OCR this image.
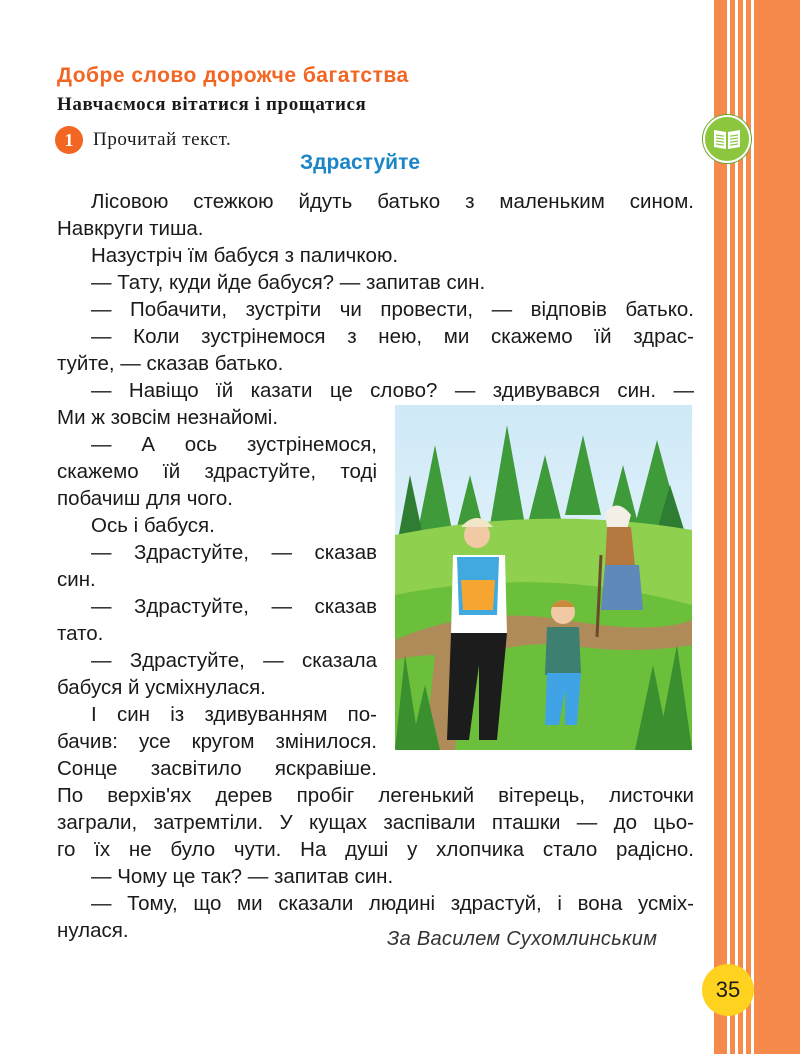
Добре слово дорожче багатства
Навчаємося вітатися і прощатися
1	Прочитай текст.
Здрастуйте

Лісовою стежкою йдуть батько з маленьким сином.

Навкруги тиша.

Назустріч їм бабуся з паличкою.

— Тату, куди йде бабуся? — запитав син.

— Побачити, зустріти чи провести, — відповів батько.

— Коли зустрінемося з нею, ми скажемо їй здрас-

туйте, — сказав батько.

— Навіщо їй казати це слово? — здивувався син. —

Ми ж зовсім незнайомі.

— А ось зустрінемося,

скажемо їй здрастуйте, тоді

побачиш для чого.

Ось і бабуся.

— Здрастуйте, — сказав

син.

— Здрастуйте, — сказав

тато.

— Здрастуйте, — сказала

бабуся й усміхнулася.

І син із здивуванням по-

бачив: усе кругом змінилося.

Сонце засвітило яскравіше.

По верхів'ях дерев пробіг легенький вітерець, листочки

заграли, затремтіли. У кущах заспівали пташки — до цьо-

го їх не було чути. На душі у хлопчика стало радісно.

— Чому це так? — запитав син.

— Тому, що ми сказали людині здрастуй, і вона усміх-

нулася.	За Василем Сухомлинським

35
